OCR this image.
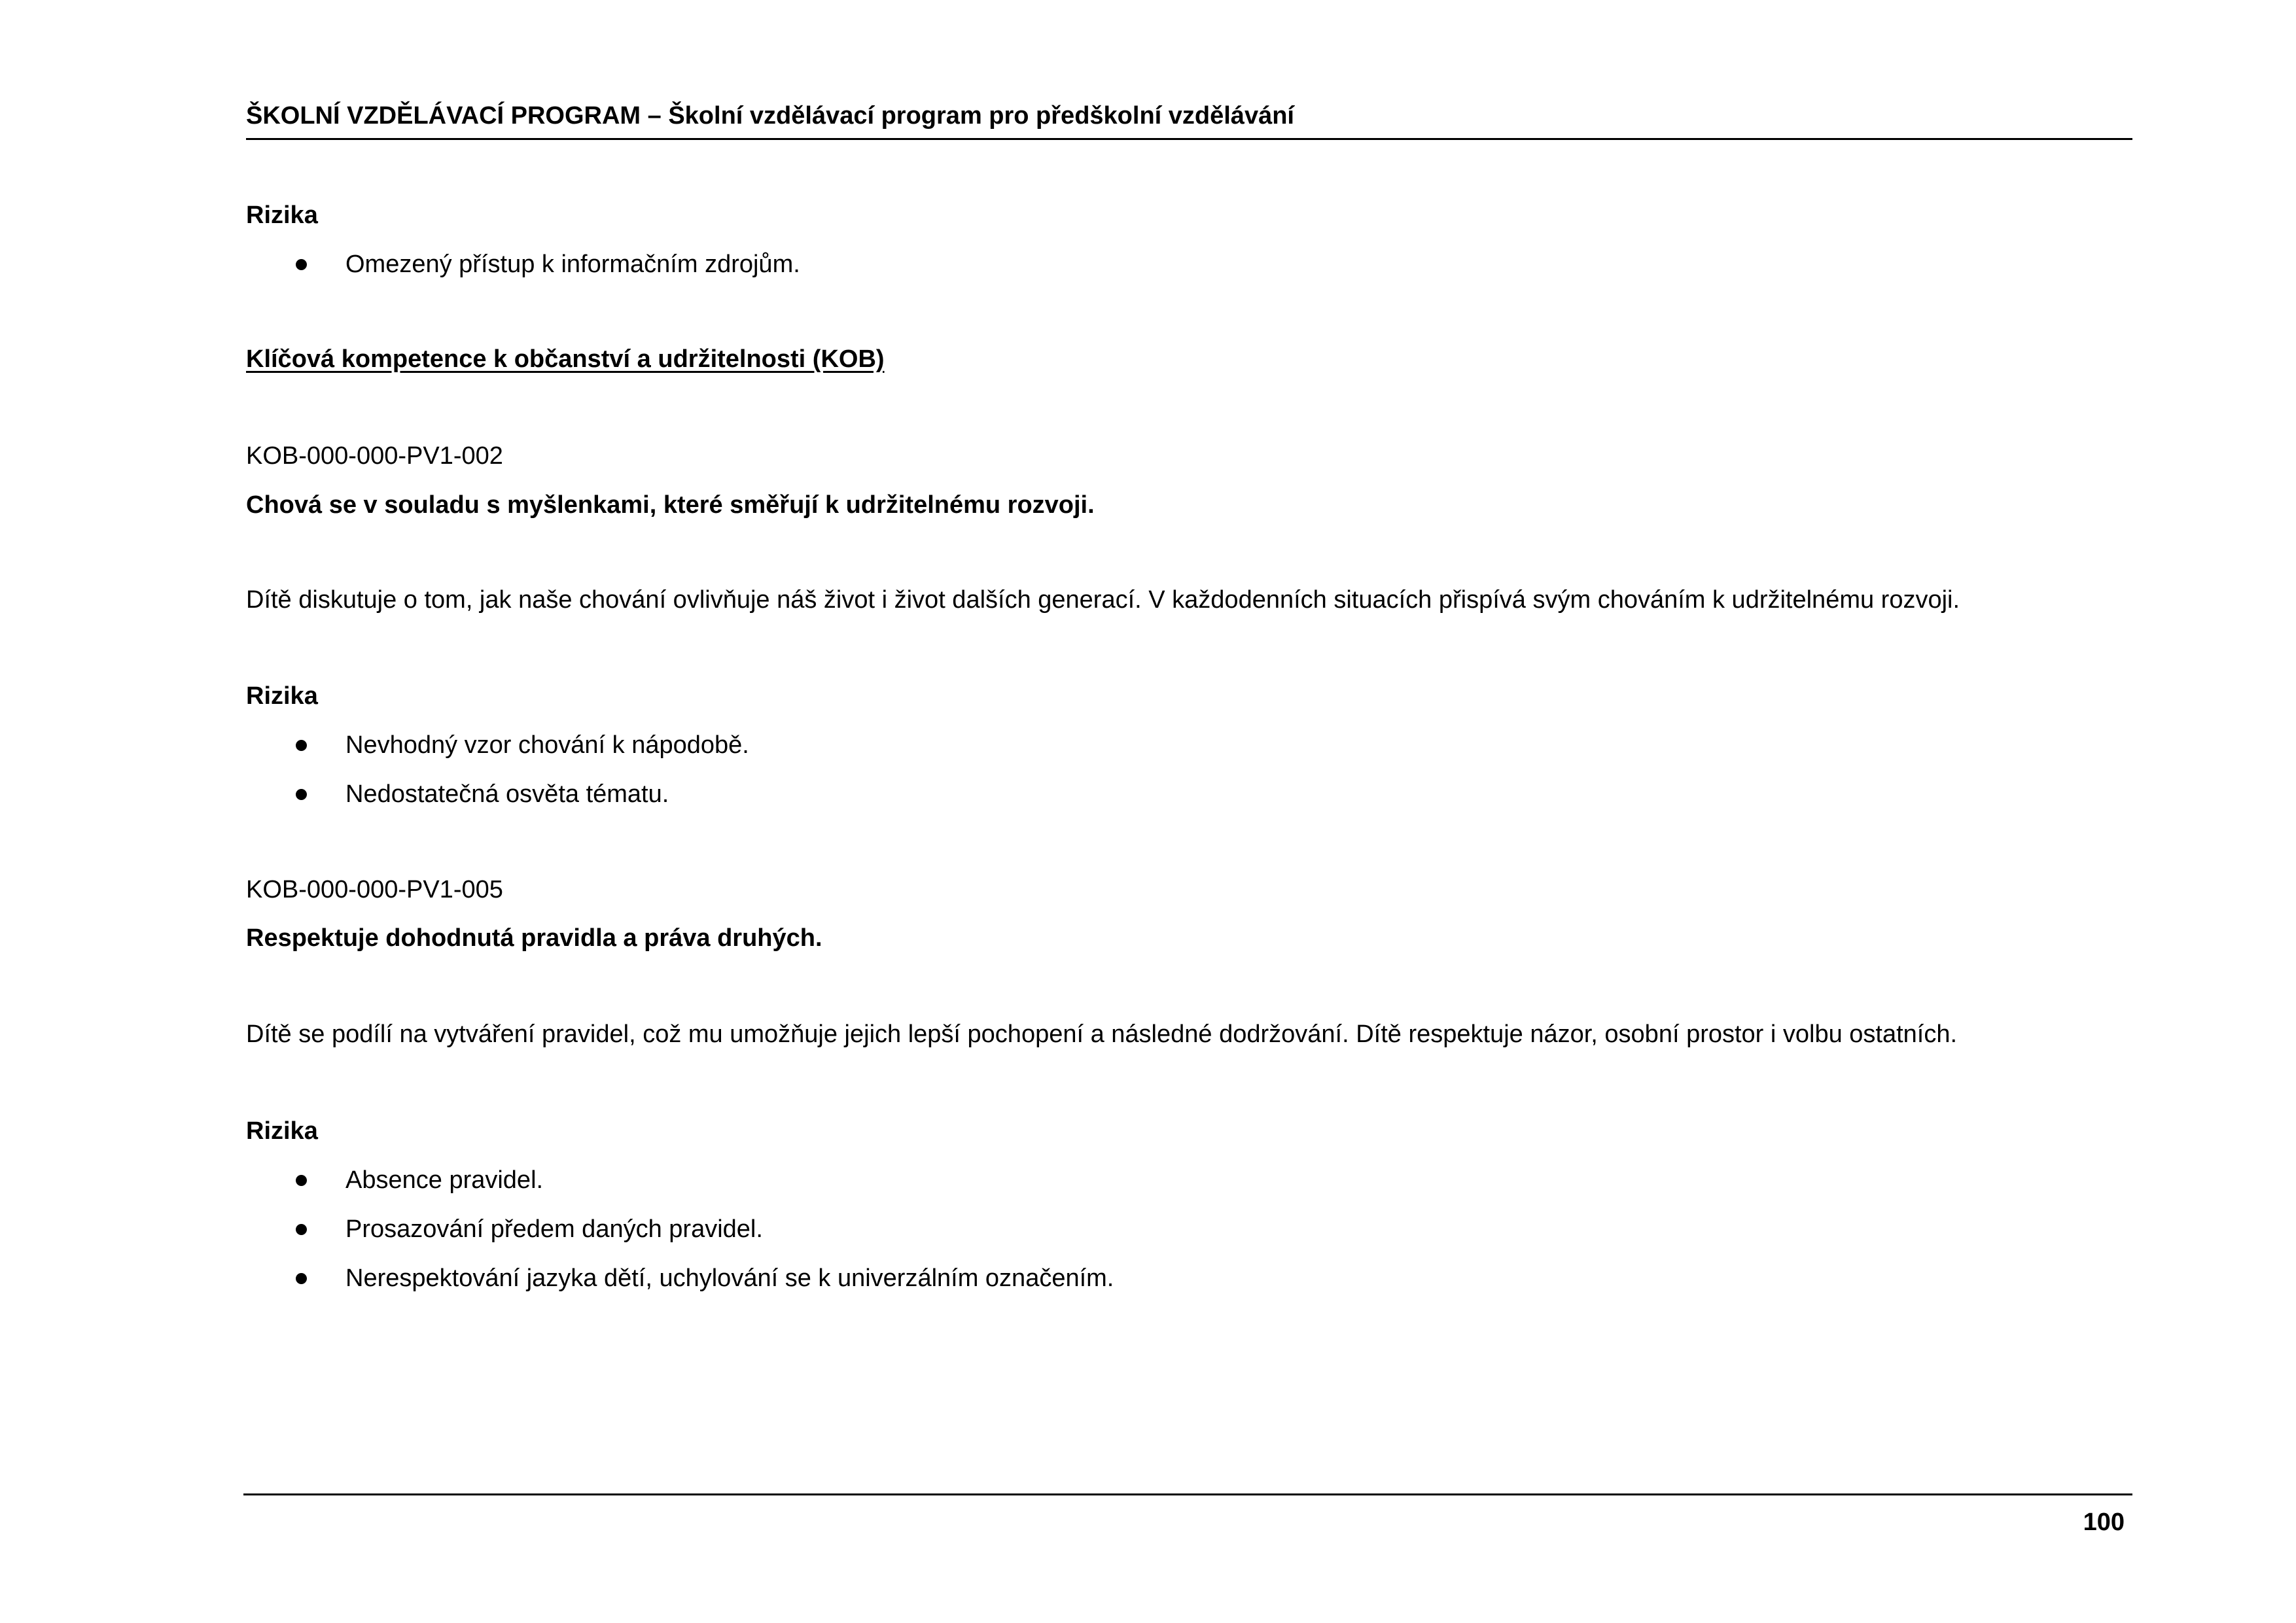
ŠKOLNÍ VZDĚLÁVACÍ PROGRAM – Školní vzdělávací program pro předškolní vzdělávání
Rizika
Omezený přístup k informačním zdrojům.
Klíčová kompetence k občanství a udržitelnosti (KOB)
KOB-000-000-PV1-002
Chová se v souladu s myšlenkami, které směřují k udržitelnému rozvoji.
Dítě diskutuje o tom, jak naše chování ovlivňuje náš život i život dalších generací. V každodenních situacích přispívá svým chováním k udržitelnému rozvoji.
Rizika
Nevhodný vzor chování k nápodobě.
Nedostatečná osvěta tématu.
KOB-000-000-PV1-005
Respektuje dohodnutá pravidla a práva druhých.
Dítě se podílí na vytváření pravidel, což mu umožňuje jejich lepší pochopení a následné dodržování. Dítě respektuje názor, osobní prostor i volbu ostatních.
Rizika
Absence pravidel.
Prosazování předem daných pravidel.
Nerespektování jazyka dětí, uchylování se k univerzálním označením.
100
